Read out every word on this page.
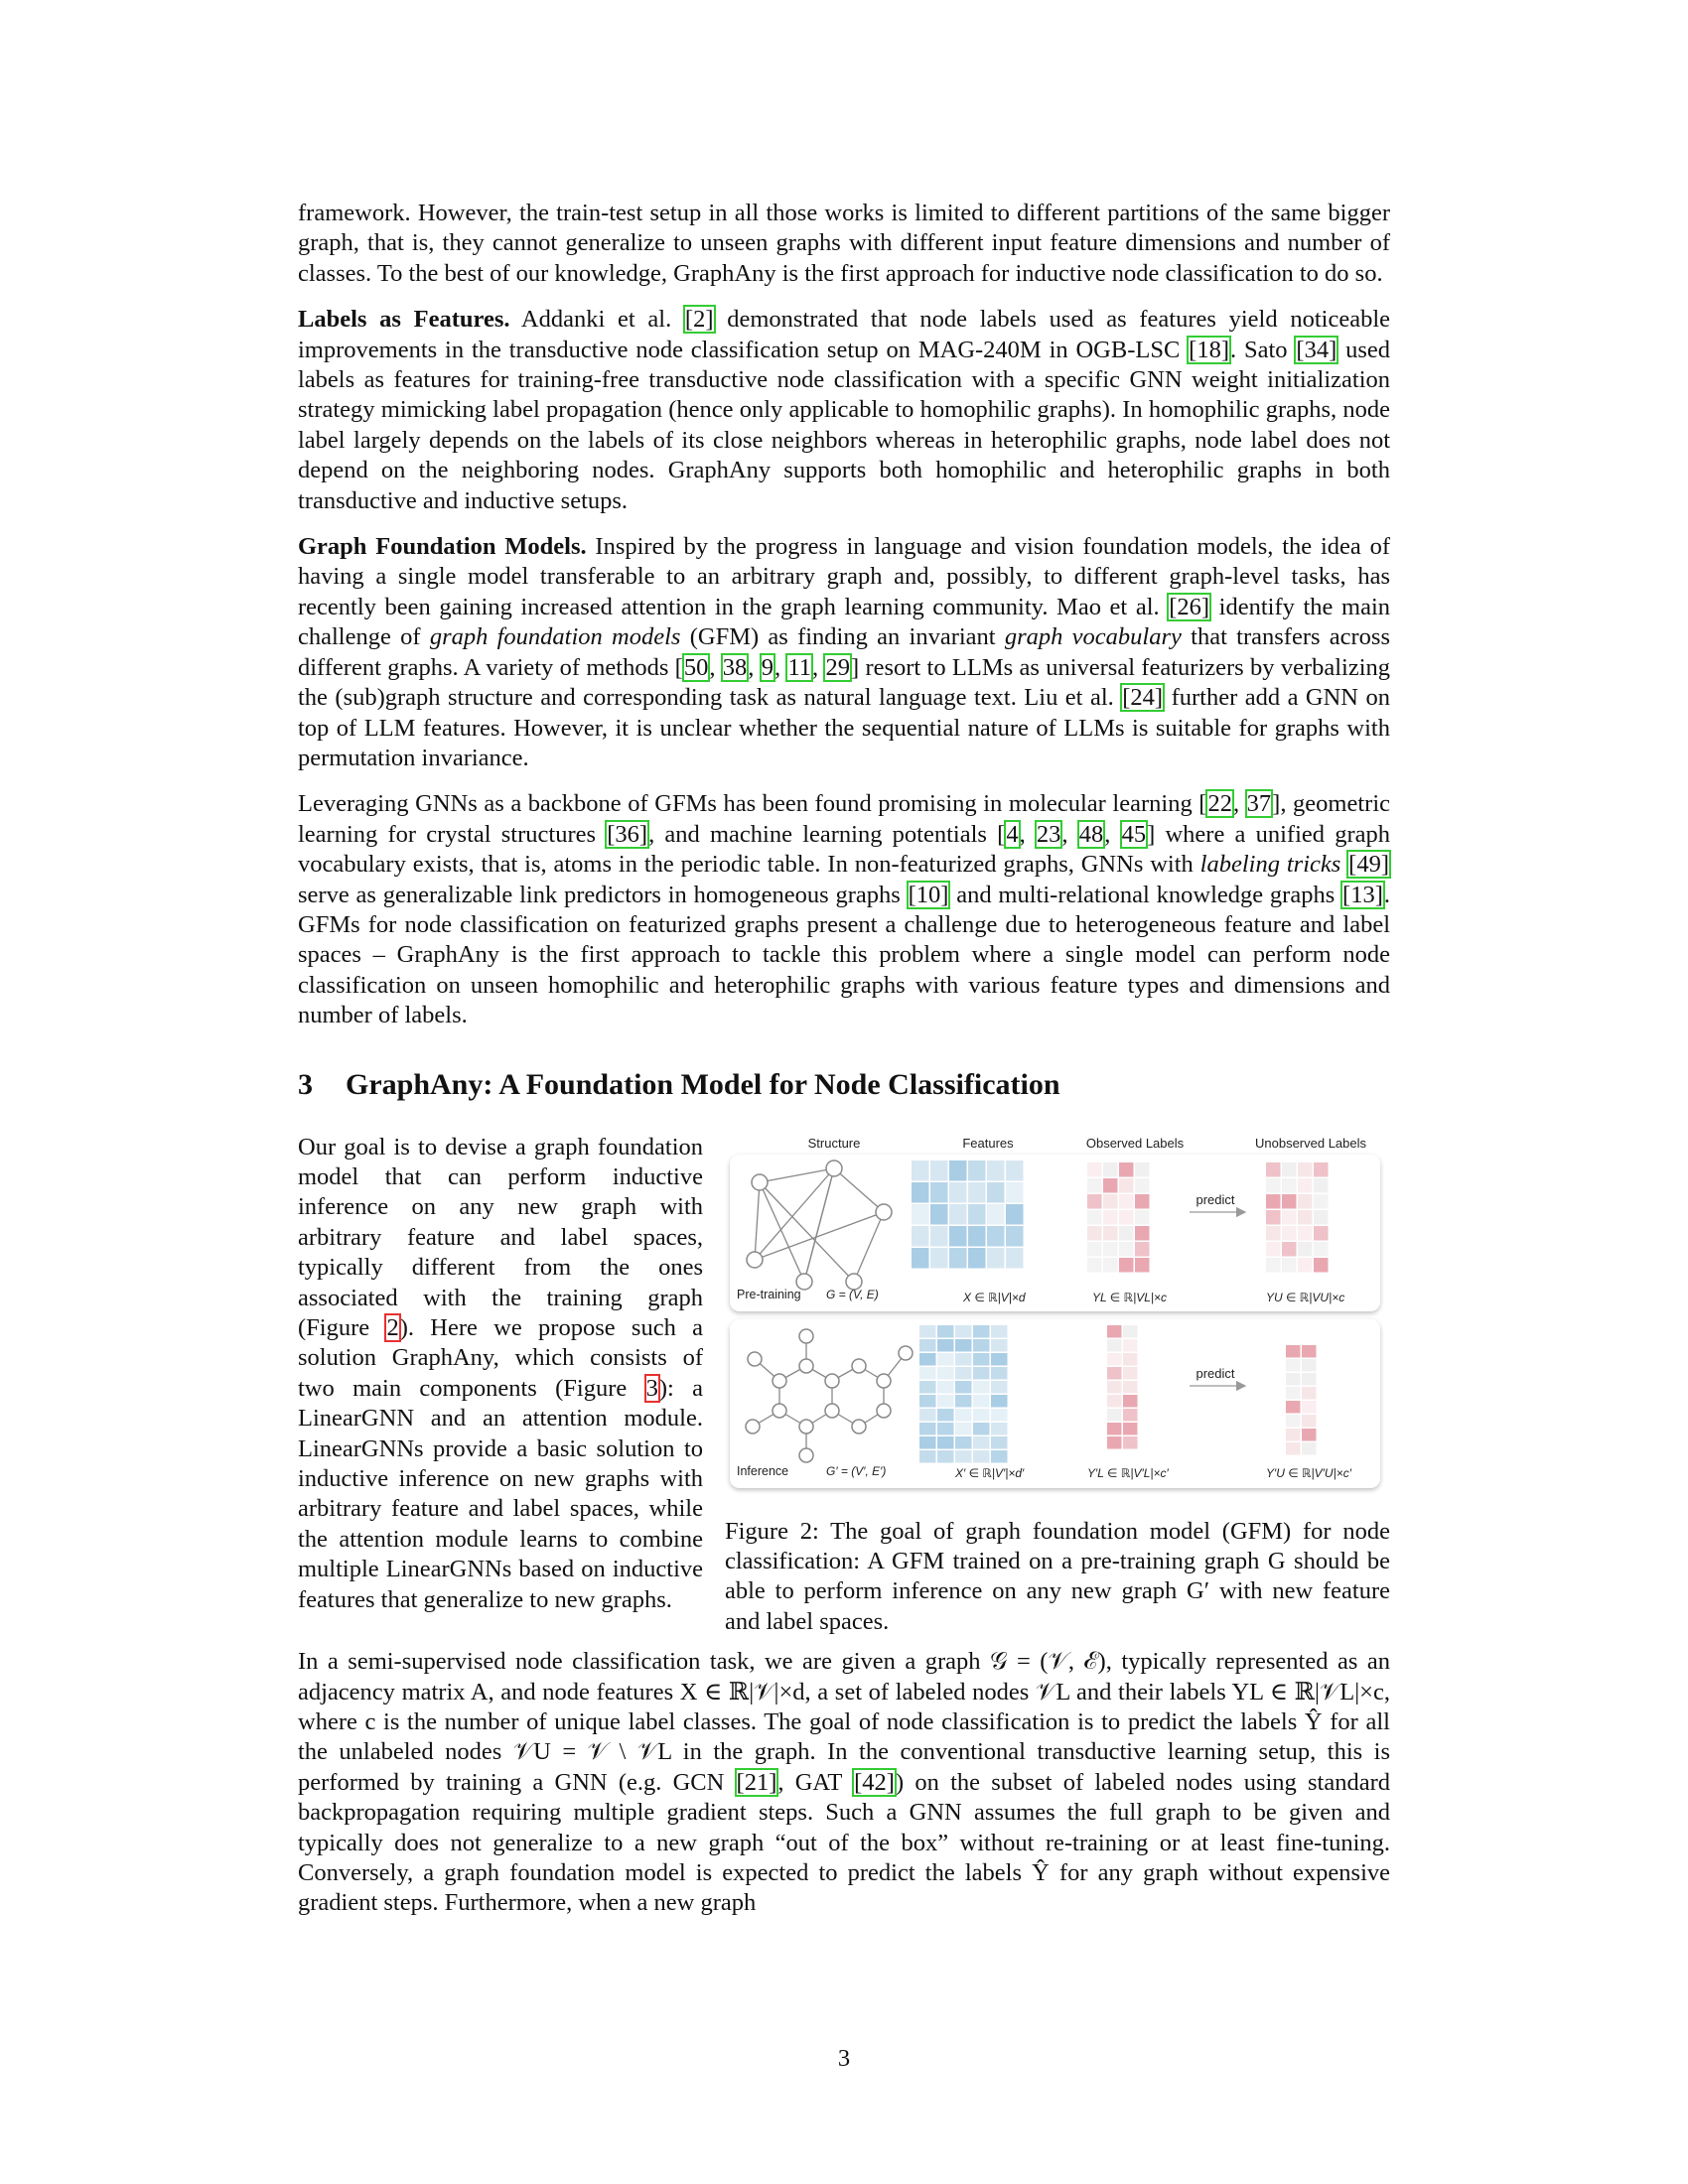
framework. However, the train-test setup in all those works is limited to different partitions of the same bigger graph, that is, they cannot generalize to unseen graphs with different input feature dimensions and number of classes. To the best of our knowledge, GraphAny is the first approach for inductive node classification to do so.

Labels as Features. Addanki et al. [2] demonstrated that node labels used as features yield noticeable improvements in the transductive node classification setup on MAG-240M in OGB-LSC [18]. Sato [34] used labels as features for training-free transductive node classification with a specific GNN weight initialization strategy mimicking label propagation (hence only applicable to homophilic graphs). In homophilic graphs, node label largely depends on the labels of its close neighbors whereas in heterophilic graphs, node label does not depend on the neighboring nodes. GraphAny supports both homophilic and heterophilic graphs in both transductive and inductive setups.

Graph Foundation Models. Inspired by the progress in language and vision foundation models, the idea of having a single model transferable to an arbitrary graph and, possibly, to different graph-level tasks, has recently been gaining increased attention in the graph learning community. Mao et al. [26] identify the main challenge of graph foundation models (GFM) as finding an invariant graph vocabulary that transfers across different graphs. A variety of methods [50, 38, 9, 11, 29] resort to LLMs as universal featurizers by verbalizing the (sub)graph structure and corresponding task as natural language text. Liu et al. [24] further add a GNN on top of LLM features. However, it is unclear whether the sequential nature of LLMs is suitable for graphs with permutation invariance.

Leveraging GNNs as a backbone of GFMs has been found promising in molecular learning [22, 37], geometric learning for crystal structures [36], and machine learning potentials [4, 23, 48, 45] where a unified graph vocabulary exists, that is, atoms in the periodic table. In non-featurized graphs, GNNs with labeling tricks [49] serve as generalizable link predictors in homogeneous graphs [10] and multi-relational knowledge graphs [13]. GFMs for node classification on featurized graphs present a challenge due to heterogeneous feature and label spaces – GraphAny is the first approach to tackle this problem where a single model can perform node classification on unseen homophilic and heterophilic graphs with various feature types and dimensions and number of labels.

3 GraphAny: A Foundation Model for Node Classification
Our goal is to devise a graph foundation model that can perform inductive inference on any new graph with arbitrary feature and label spaces, typically different from the ones associated with the training graph (Figure 2). Here we propose such a solution GraphAny, which consists of two main components (Figure 3): a LinearGNN and an attention module. LinearGNNs provide a basic solution to inductive inference on new graphs with arbitrary feature and label spaces, while the attention module learns to combine multiple LinearGNNs based on inductive features that generalize to new graphs.
Structure	Features	Observed Labels	Unobserved Labels
predict
Pre-training G = (V, E)	X ∈ ℝ|V|×d	YL ∈ ℝ|VL|×c	YU ∈ ℝ|VU|×c
predict
Inference	G′ = (V′, E′)	X′ ∈ ℝ|V′|×d′	Y′L ∈ ℝ|V′L|×c′	Y′U ∈ ℝ|V′U|×c′
Figure 2: The goal of graph foundation model (GFM) for node classification: A GFM trained on a pre-training graph G should be able to perform inference on any new graph G′ with new feature and label spaces.

In a semi-supervised node classification task, we are given a graph 𝒢 = (𝒱, ℰ), typically represented as an adjacency matrix A, and node features X ∈ ℝ|𝒱|×d, a set of labeled nodes 𝒱L and their labels YL ∈ ℝ|𝒱L|×c, where c is the number of unique label classes. The goal of node classification is to predict the labels Ŷ for all the unlabeled nodes 𝒱U = 𝒱 \ 𝒱L in the graph. In the conventional transductive learning setup, this is performed by training a GNN (e.g. GCN [21], GAT [42]) on the subset of labeled nodes using standard backpropagation requiring multiple gradient steps. Such a GNN assumes the full graph to be given and typically does not generalize to a new graph “out of the box” without re-training or at least fine-tuning. Conversely, a graph foundation model is expected to predict the labels Ŷ for any graph without expensive gradient steps. Furthermore, when a new graph

3
